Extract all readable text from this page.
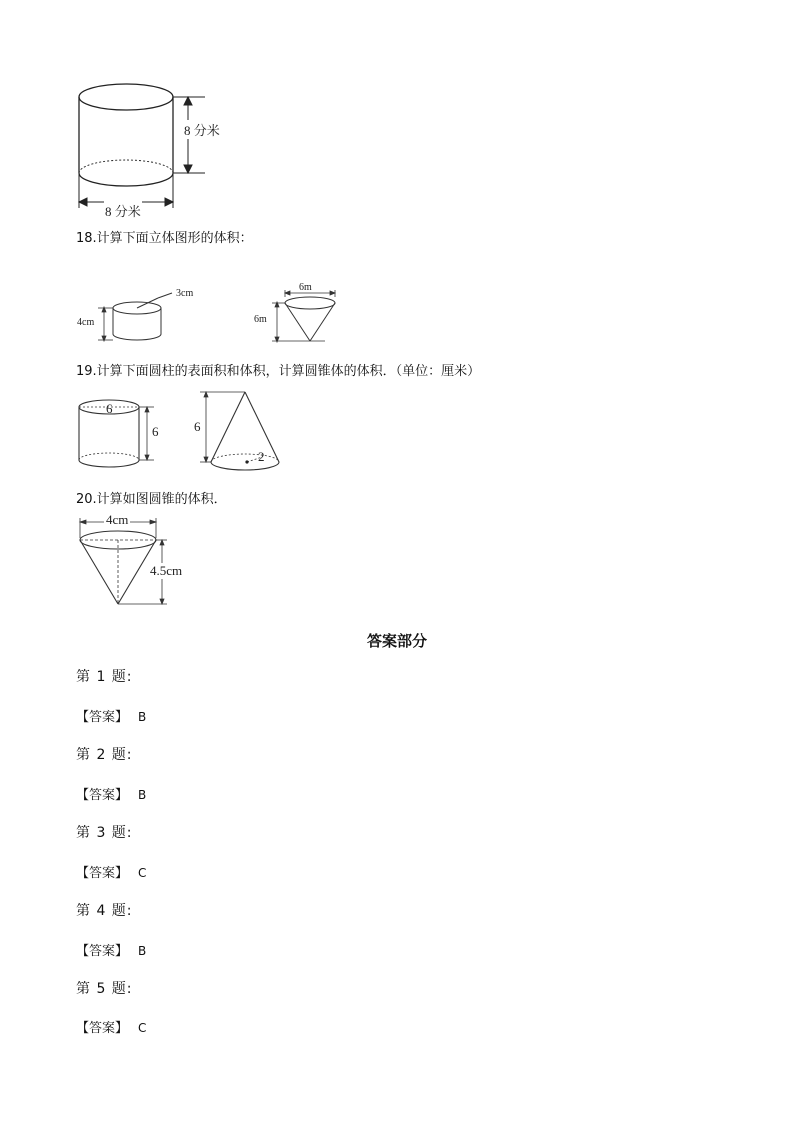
8 分米
8 分米
18.计算下面立体图形的体积：
3cm
4cm
6m
6m
19.计算下面圆柱的表面积和体积，计算圆锥体的体积．（单位：厘米）
6
6	6
2
20.计算如图圆锥的体积．
4cm
4.5cm
答案部分
第 1 题:
【答案】 B
第 2 题:
【答案】 B
第 3 题:
【答案】 C
第 4 题:
【答案】 B
第 5 题:
【答案】 C
